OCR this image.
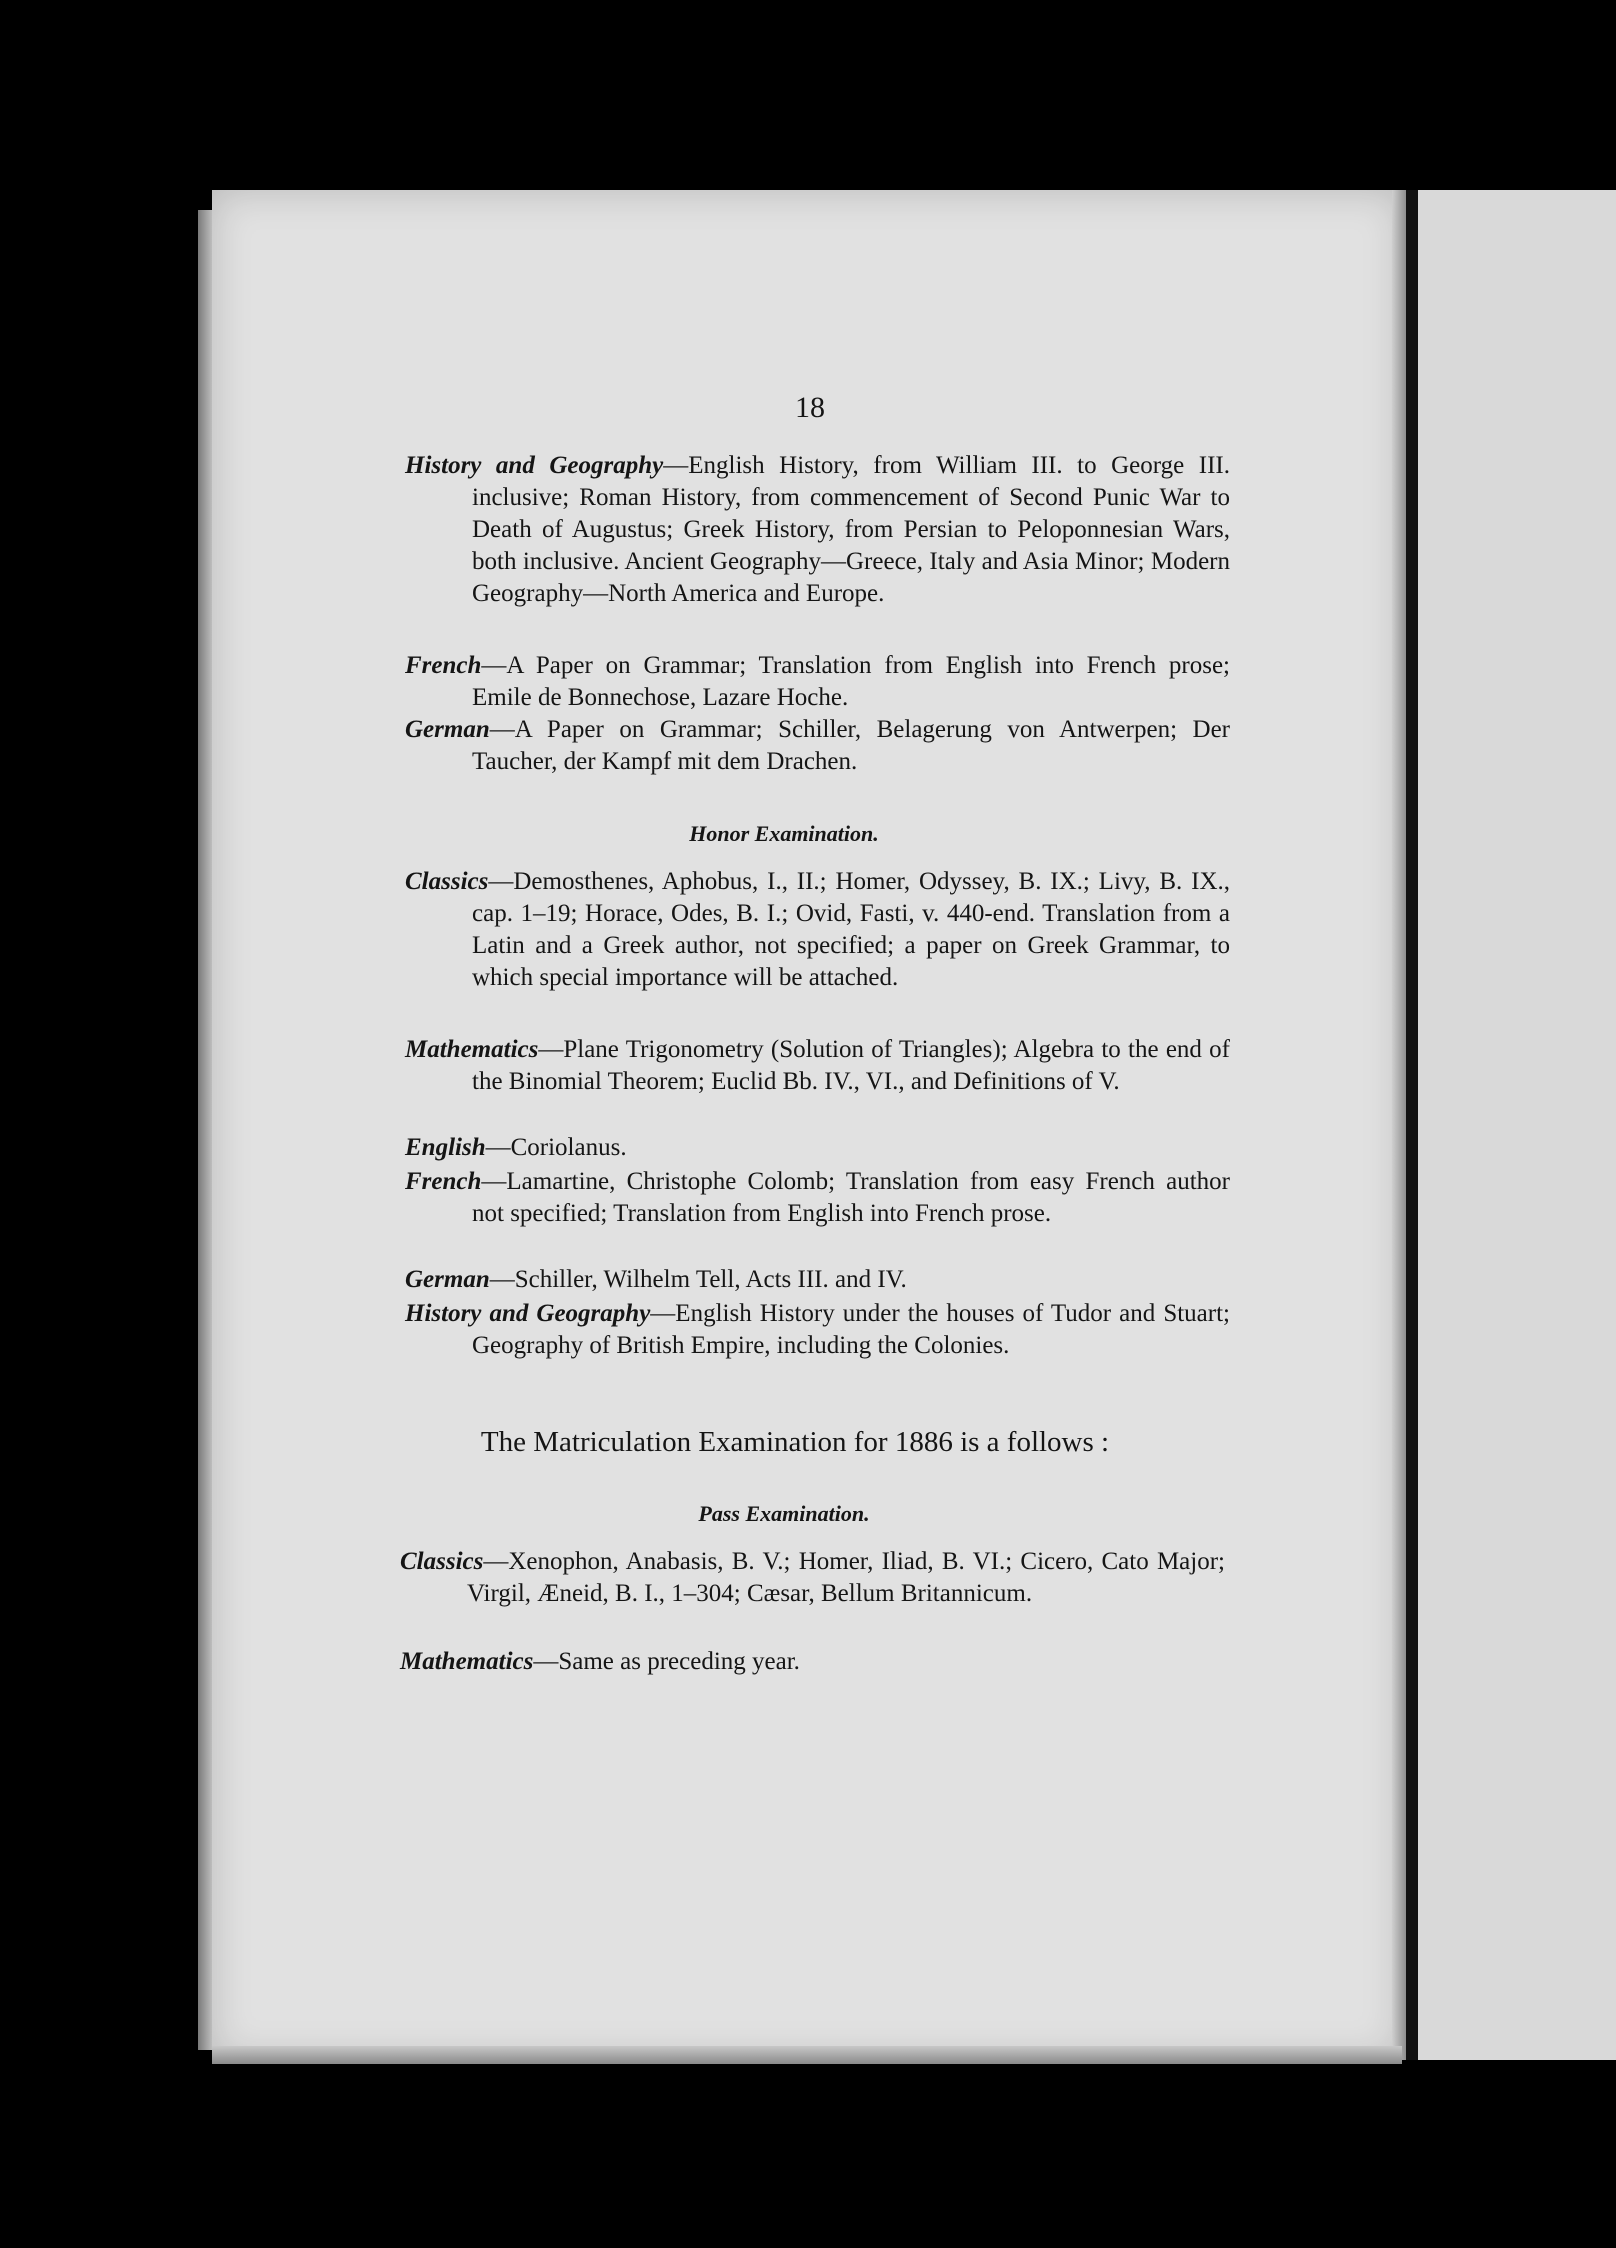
18
History and Geography—English History, from William III. to George III. inclusive; Roman History, from commencement of Second Punic War to Death of Augustus; Greek History, from Persian to Peloponnesian Wars, both inclusive. Ancient Geography—Greece, Italy and Asia Minor; Modern Geography—North America and Europe.
French—A Paper on Grammar; Translation from English into French prose; Emile de Bonnechose, Lazare Hoche.
German—A Paper on Grammar; Schiller, Belagerung von Antwerpen; Der Taucher, der Kampf mit dem Drachen.
Honor Examination.
Classics—Demosthenes, Aphobus, I., II.; Homer, Odyssey, B. IX.; Livy, B. IX., cap. 1–19; Horace, Odes, B. I.; Ovid, Fasti, v. 440-end. Translation from a Latin and a Greek author, not specified; a paper on Greek Grammar, to which special importance will be attached.
Mathematics—Plane Trigonometry (Solution of Triangles); Algebra to the end of the Binomial Theorem; Euclid Bb. IV., VI., and Definitions of V.
English—Coriolanus.
French—Lamartine, Christophe Colomb; Translation from easy French author not specified; Translation from English into French prose.
German—Schiller, Wilhelm Tell, Acts III. and IV.
History and Geography—English History under the houses of Tudor and Stuart; Geography of British Empire, including the Colonies.
The Matriculation Examination for 1886 is a follows :
Pass Examination.
Classics—Xenophon, Anabasis, B. V.; Homer, Iliad, B. VI.; Cicero, Cato Major; Virgil, Æneid, B. I., 1–304; Cæsar, Bellum Britannicum.
Mathematics—Same as preceding year.
